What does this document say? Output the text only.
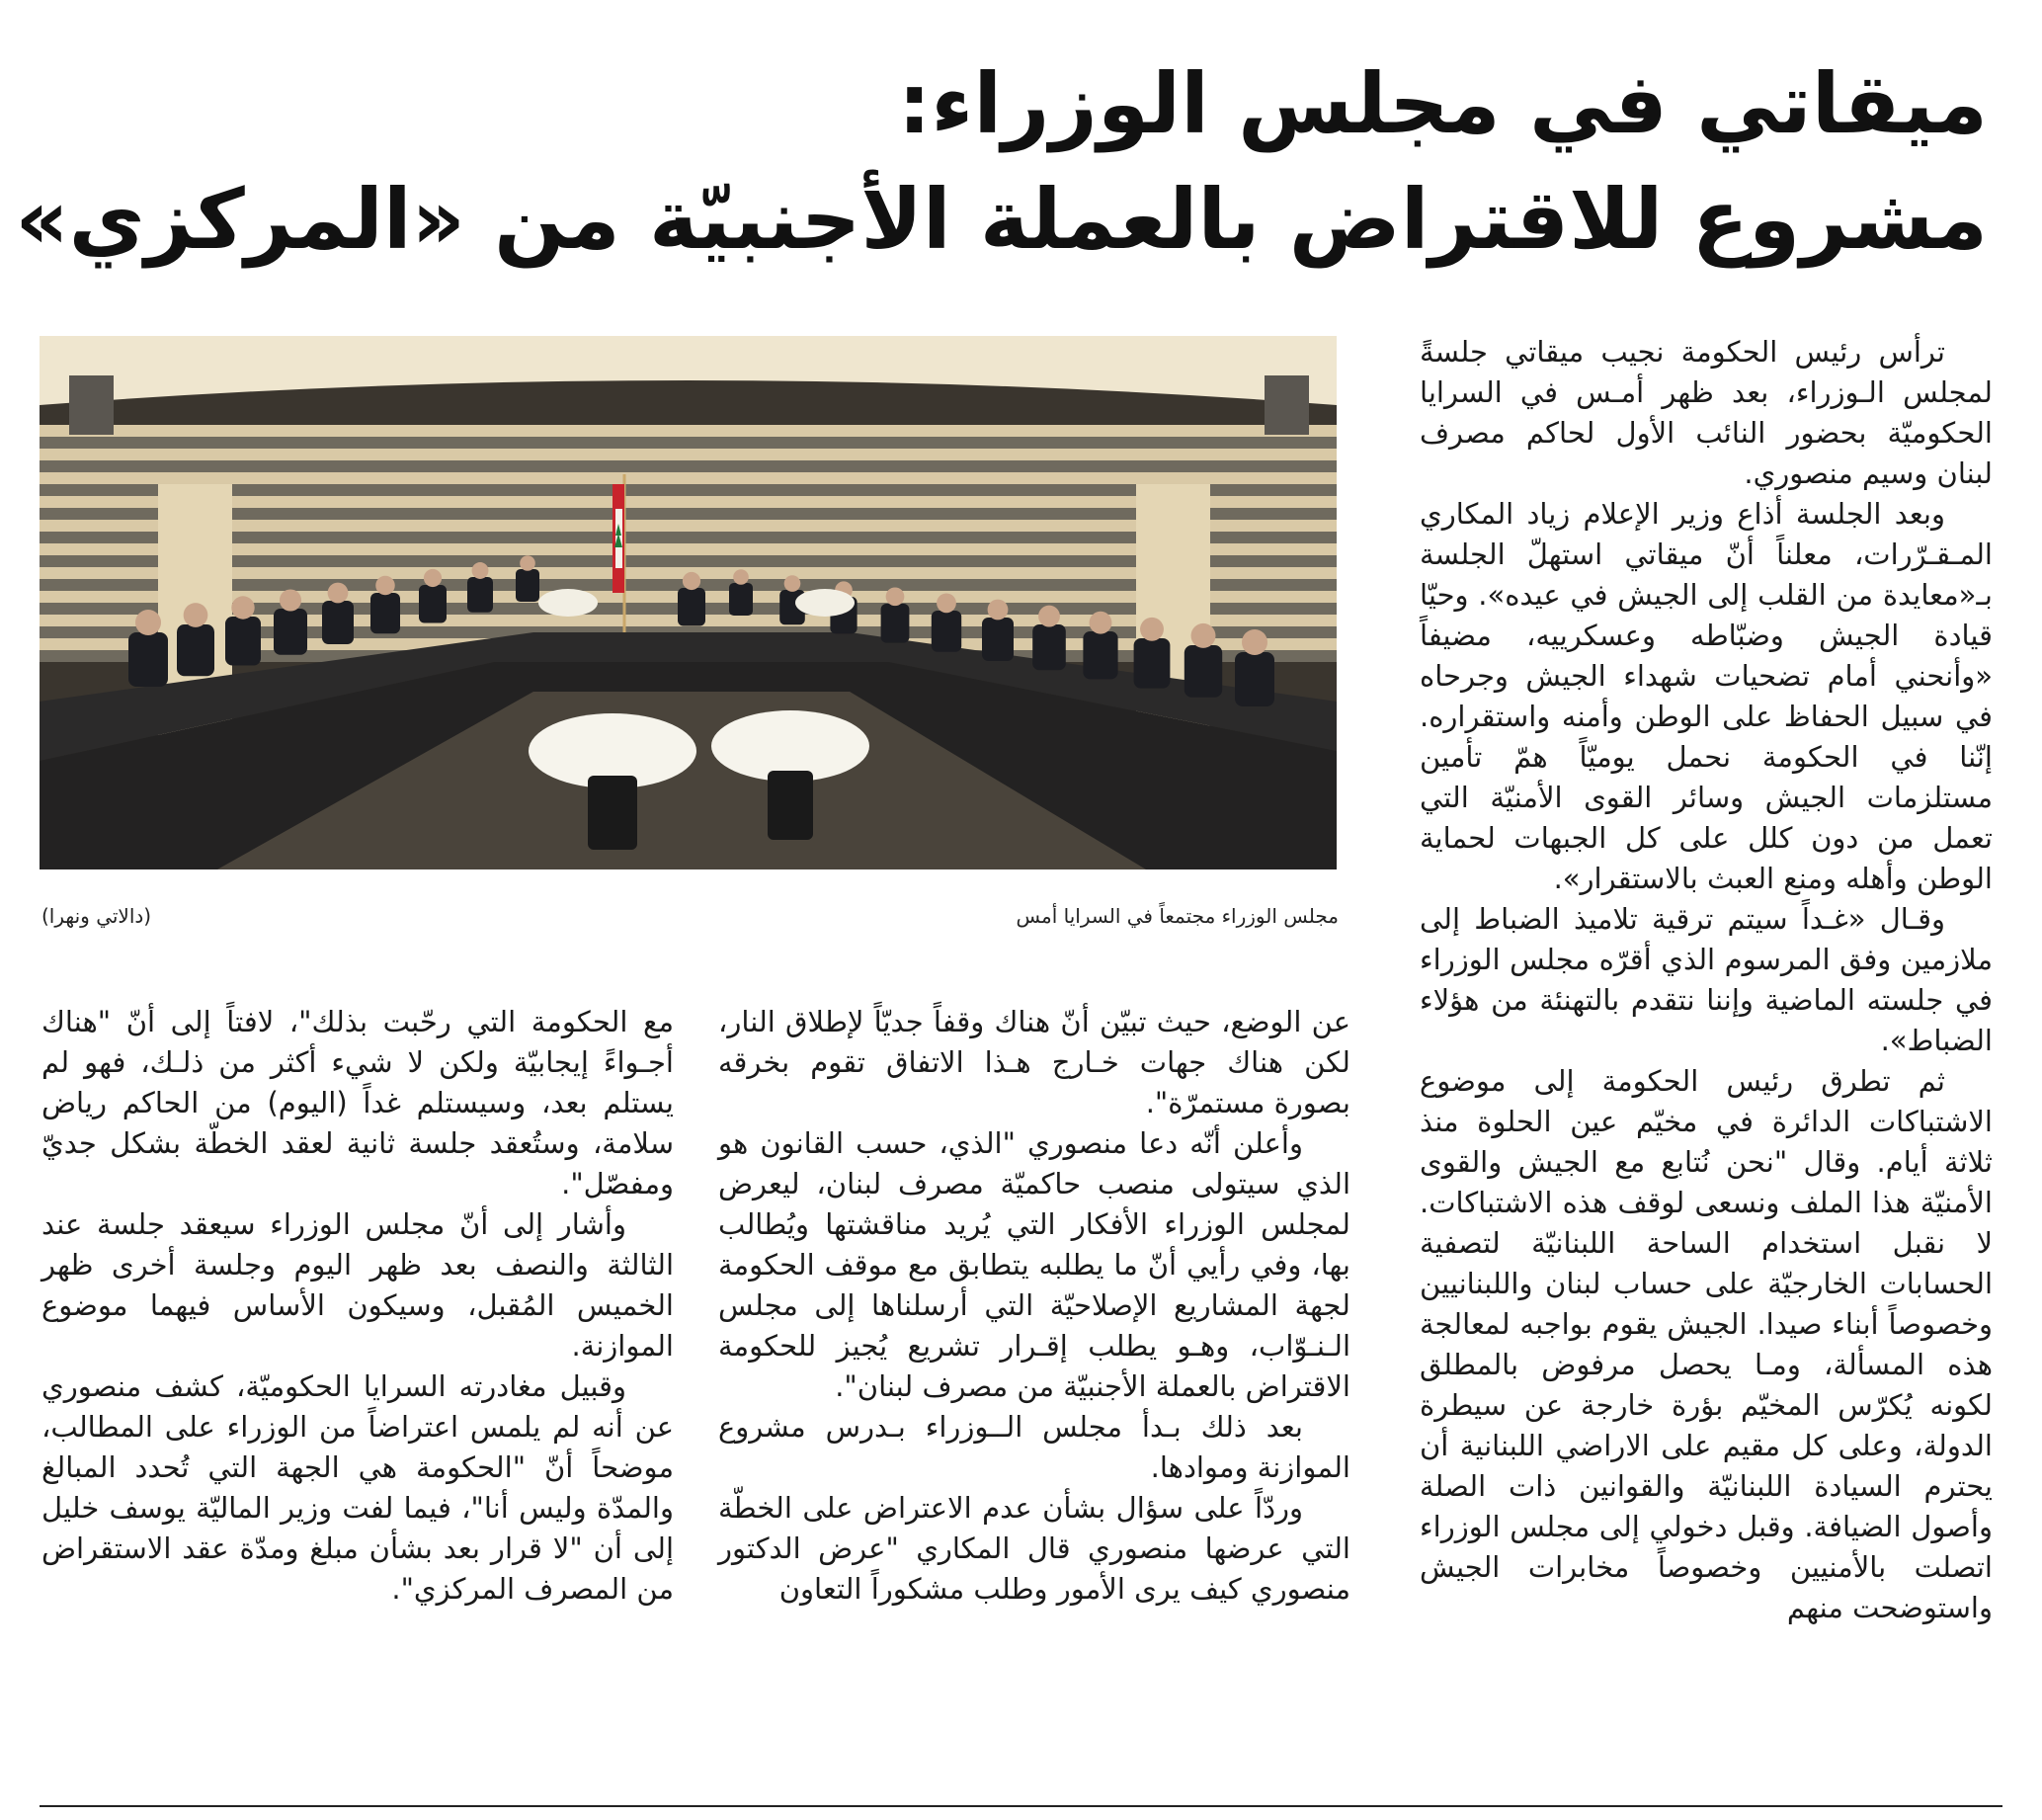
ميقاتي في مجلس الوزراء:
مشروع للاقتراض بالعملة الأجنبيّة من «المركزي»
مجلس الوزراء مجتمعاً في السرايا أمس
(دالاتي ونهرا)

ترأس رئيس الحكومة نجيب ميقاتي جلسةً لمجلس الـوزراء، بعد ظهر أمـس في السرايا الحكوميّة بحضور النائب الأول لحاكم مصرف لبنان وسيم منصوري.

وبعد الجلسة أذاع وزير الإعلام زياد المكاري المـقـرّرات، معلناً أنّ ميقاتي استهلّ الجلسة بـ«معايدة من القلب إلى الجيش في عيده». وحيّا قيادة الجيش وضبّاطه وعسكرييه، مضيفاً «وأنحني أمام تضحيات شهداء الجيش وجرحاه في سبيل الحفاظ على الوطن وأمنه واستقراره. إنّنا في الحكومة نحمل يوميّاً همّ تأمين مستلزمات الجيش وسائر القوى الأمنيّة التي تعمل من دون كلل على كل الجبهات لحماية الوطن وأهله ومنع العبث بالاستقرار».

وقـال «غـداً سيتم ترقية تلاميذ الضباط إلى ملازمين وفق المرسوم الذي أقرّه مجلس الوزراء في جلسته الماضية وإننا نتقدم بالتهنئة من هؤلاء الضباط».

ثم تطرق رئيس الحكومة إلى موضوع الاشتباكات الدائرة في مخيّم عين الحلوة منذ ثلاثة أيام. وقال "نحن نُتابع مع الجيش والقوى الأمنيّة هذا الملف ونسعى لوقف هذه الاشتباكات. لا نقبل استخدام الساحة اللبنانيّة لتصفية الحسابات الخارجيّة على حساب لبنان واللبنانيين وخصوصاً أبناء صيدا. الجيش يقوم بواجبه لمعالجة هذه المسألة، ومـا يحصل مرفوض بالمطلق لكونه يُكرّس المخيّم بؤرة خارجة عن سيطرة الدولة، وعلى كل مقيم على الاراضي اللبنانية أن يحترم السيادة اللبنانيّة والقوانين ذات الصلة وأصول الضيافة. وقبل دخولي إلى مجلس الوزراء اتصلت بالأمنيين وخصوصاً مخابرات الجيش واستوضحت منهم

عن الوضع، حيث تبيّن أنّ هناك وقفاً جديّاً لإطلاق النار، لكن هناك جهات خـارج هـذا الاتفاق تقوم بخرقه بصورة مستمرّة".

وأعلن أنّه دعا منصوري "الذي، حسب القانون هو الذي سيتولى منصب حاكميّة مصرف لبنان، ليعرض لمجلس الوزراء الأفكار التي يُريد مناقشتها ويُطالب بها، وفي رأيي أنّ ما يطلبه يتطابق مع موقف الحكومة لجهة المشاريع الإصلاحيّة التي أرسلناها إلى مجلس الـنـوّاب، وهـو يطلب إقـرار تشريع يُجيز للحكومة الاقتراض بالعملة الأجنبيّة من مصرف لبنان".

بعد ذلك بـدأ مجلس الــوزراء بـدرس مشروع الموازنة وموادها.

وردّاً على سؤال بشأن عدم الاعتراض على الخطّة التي عرضها منصوري قال المكاري "عرض الدكتور منصوري كيف يرى الأمور وطلب مشكوراً التعاون

مع الحكومة التي رحّبت بذلك"، لافتاً إلى أنّ "هناك أجـواءً إيجابيّة ولكن لا شيء أكثر من ذلـك، فهو لم يستلم بعد، وسيستلم غداً (اليوم) من الحاكم رياض سلامة، وستُعقد جلسة ثانية لعقد الخطّة بشكل جديّ ومفصّل".

وأشار إلى أنّ مجلس الوزراء سيعقد جلسة عند الثالثة والنصف بعد ظهر اليوم وجلسة أخرى ظهر الخميس المُقبل، وسيكون الأساس فيهما موضوع الموازنة.

وقبيل مغادرته السرايا الحكوميّة، كشف منصوري عن أنه لم يلمس اعتراضاً من الوزراء على المطالب، موضحاً أنّ "الحكومة هي الجهة التي تُحدد المبالغ والمدّة وليس أنا"، فيما لفت وزير الماليّة يوسف خليل إلى أن "لا قرار بعد بشأن مبلغ ومدّة عقد الاستقراض من المصرف المركزي".
